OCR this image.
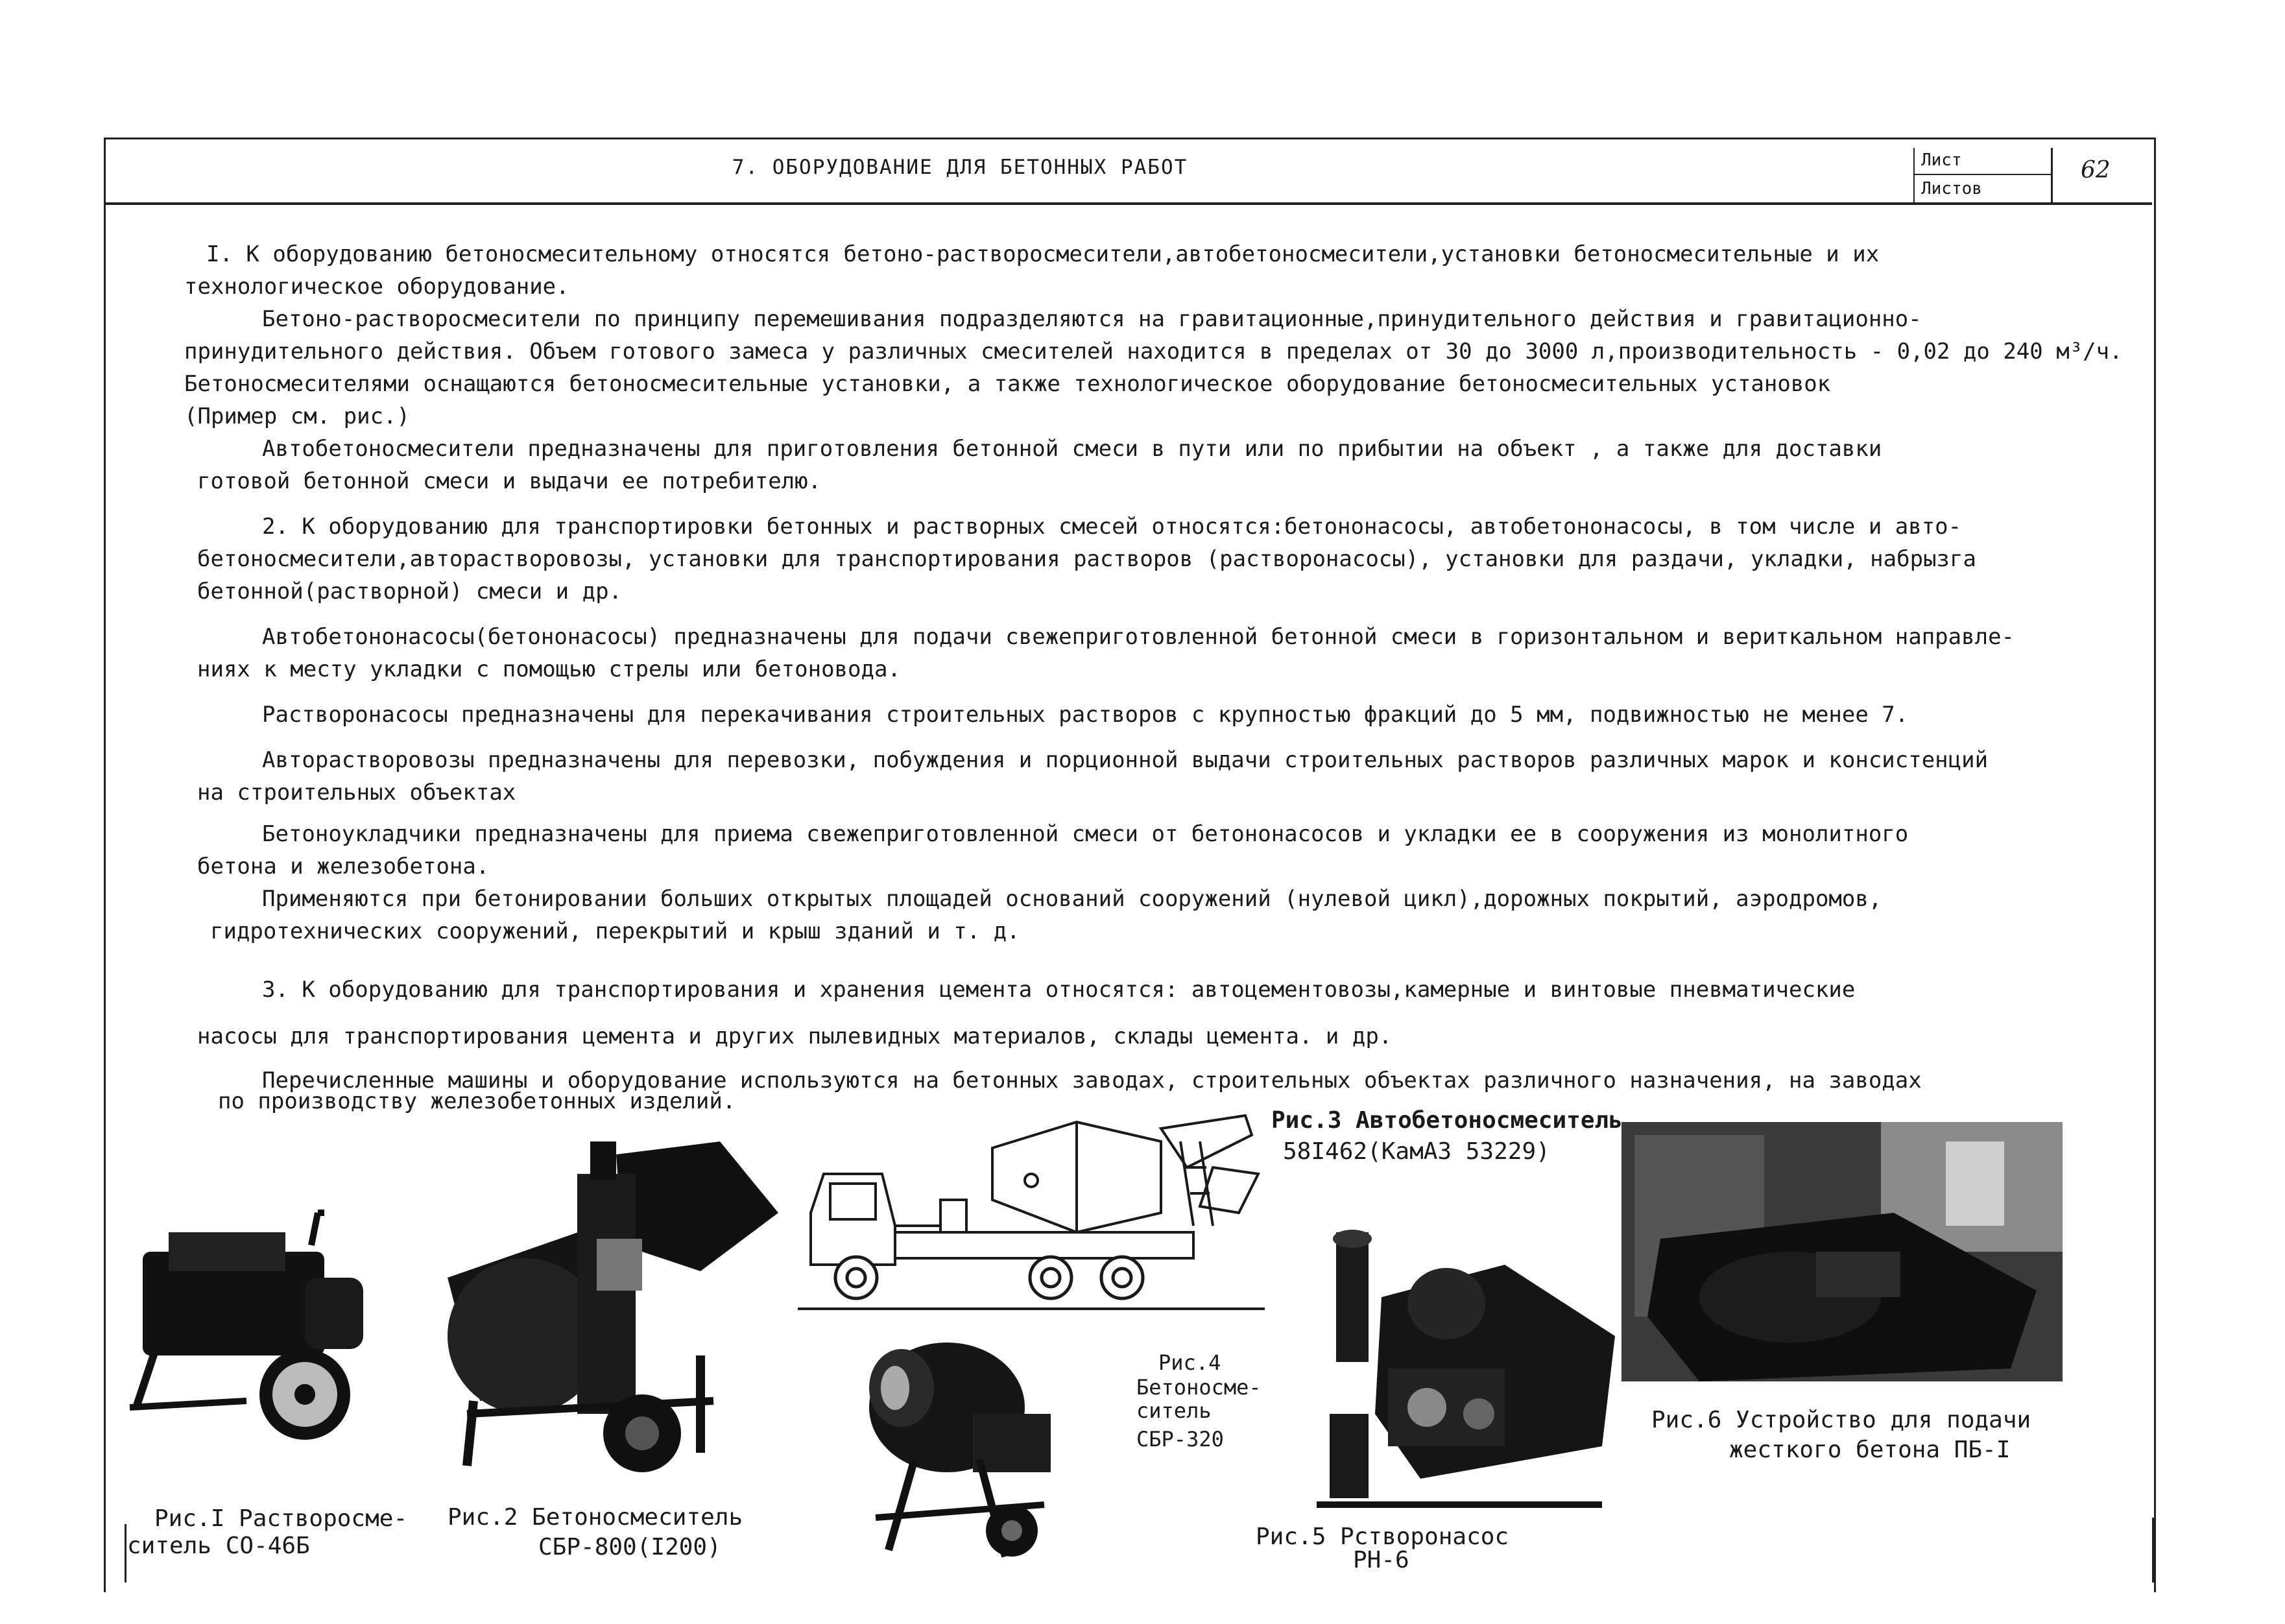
7. ОБОРУДОВАНИЕ ДЛЯ БЕТОННЫХ РАБОТ	Лист
Листов
62
I. К оборудованию бетоносмесительному относятся бетоно-растворосмесители,автобетоносмесители,установки бетоносмесительные и их
технологическое оборудование.
Бетоно-растворосмесители по принципу перемешивания подразделяются на гравитационные,принудительного действия и гравитационно-
принудительного действия. Объем готового замеса у различных смесителей находится в пределах от 30 до 3000 л,производительность - 0,02 до 240 м³/ч.
Бетоносмесителями оснащаются бетоносмесительные установки, а также технологическое оборудование бетоносмесительных установок
(Пример см. рис.)
Автобетоносмесители предназначены для приготовления бетонной смеси в пути или по прибытии на объект , а также для доставки
готовой бетонной смеси и выдачи ее потребителю.
2. К оборудованию для транспортировки бетонных и растворных смесей относятся:бетононасосы, автобетононасосы, в том числе и авто-
бетоносмесители,авторастворовозы, установки для транспортирования растворов (растворонасосы), установки для раздачи, укладки, набрызга
бетонной(растворной) смеси и др.
Автобетононасосы(бетононасосы) предназначены для подачи свежеприготовленной бетонной смеси в горизонтальном и вериткальном направле-
ниях к месту укладки с помощью стрелы или бетоновода.
Растворонасосы предназначены для перекачивания строительных растворов с крупностью фракций до 5 мм, подвижностью не менее 7.
Авторастворовозы предназначены для перевозки, побуждения и порционной выдачи строительных растворов различных марок и консистенций
на строительных объектах
Бетоноукладчики предназначены для приема свежеприготовленной смеси от бетононасосов и укладки ее в сооружения из монолитного
бетона и железобетона.
Применяются при бетонировании больших открытых площадей оснований сооружений (нулевой цикл),дорожных покрытий, аэродромов,
гидротехнических сооружений, перекрытий и крыш зданий и т. д.
3. К оборудованию для транспортирования и хранения цемента относятся: автоцементовозы,камерные и винтовые пневматические
насосы для транспортирования цемента и других пылевидных материалов, склады цемента. и др.
Перечисленные машины и оборудование используются на бетонных заводах, строительных объектах различного назначения, на заводах
по производству железобетонных изделий.
Рис.I Растворосме-
ситель СО-46Б
Рис.2 Бетоносмеситель
СБР-800(I200)
Рис.3 Автобетоносмеситель
58I462(КамАЗ 53229)
Рис.4
Бетоносме-
ситель
СБР-320
Рис.5 Рстворонасос
РН-6
Рис.6 Устройство для подачи
жесткого бетона ПБ-I
